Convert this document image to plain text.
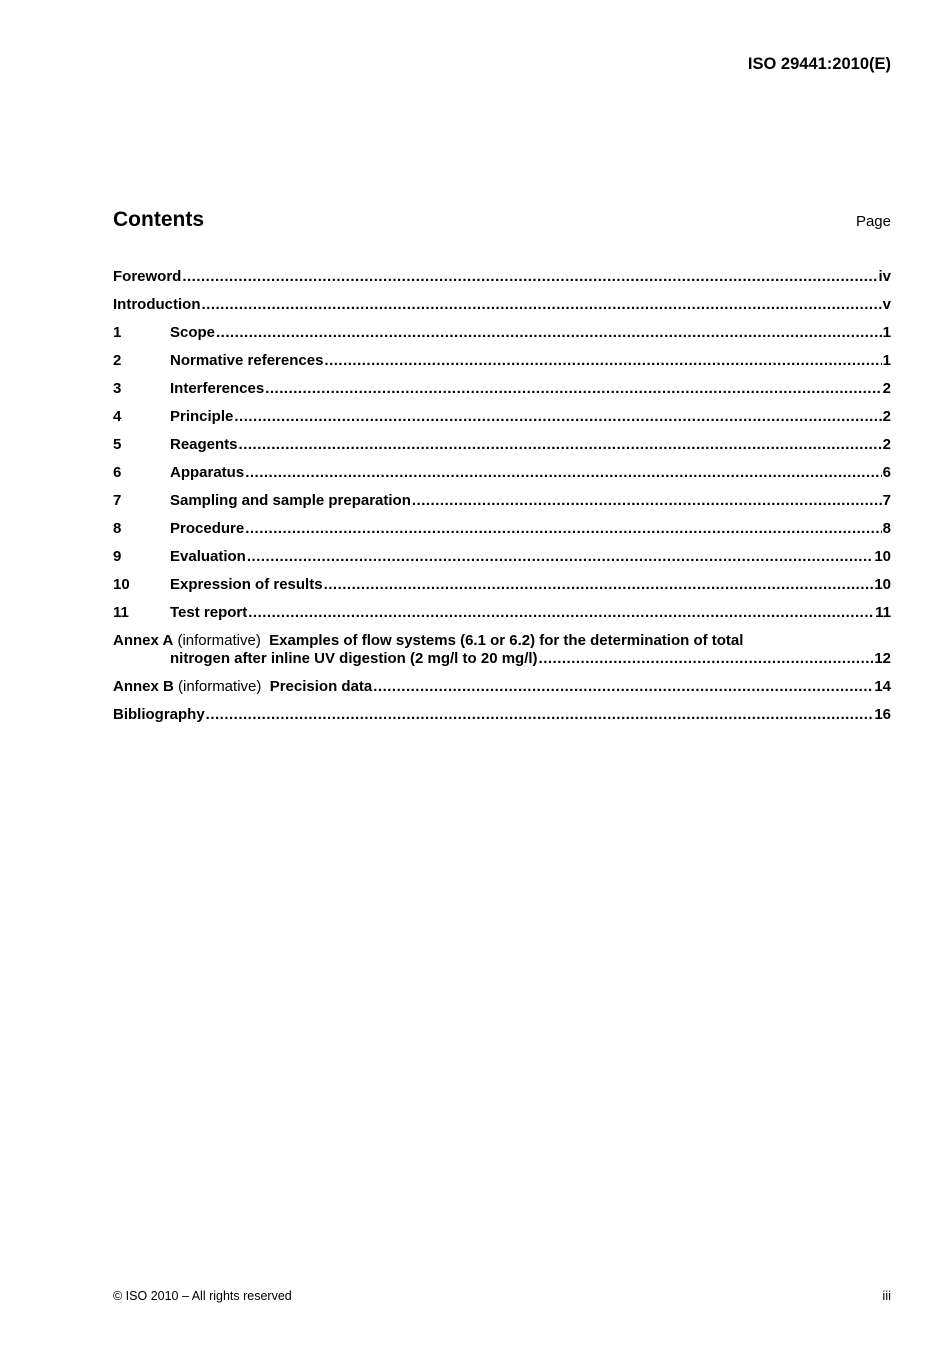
ISO 29441:2010(E)
Contents	Page
Foreword .....	iv
Introduction .....	v
1	Scope .....	1
2	Normative references .....	1
3	Interferences .....	2
4	Principle .....	2
5	Reagents .....	2
6	Apparatus .....	6
7	Sampling and sample preparation .....	7
8	Procedure .....	8
9	Evaluation .....	10
10	Expression of results .....	10
11	Test report .....	11
Annex A (informative) Examples of flow systems (6.1 or 6.2) for the determination of total
nitrogen after inline UV digestion (2 mg/l to 20 mg/l) .....	12
Annex B (informative) Precision data .....	14
Bibliography .....	16
© ISO 2010 – All rights reserved	iii
